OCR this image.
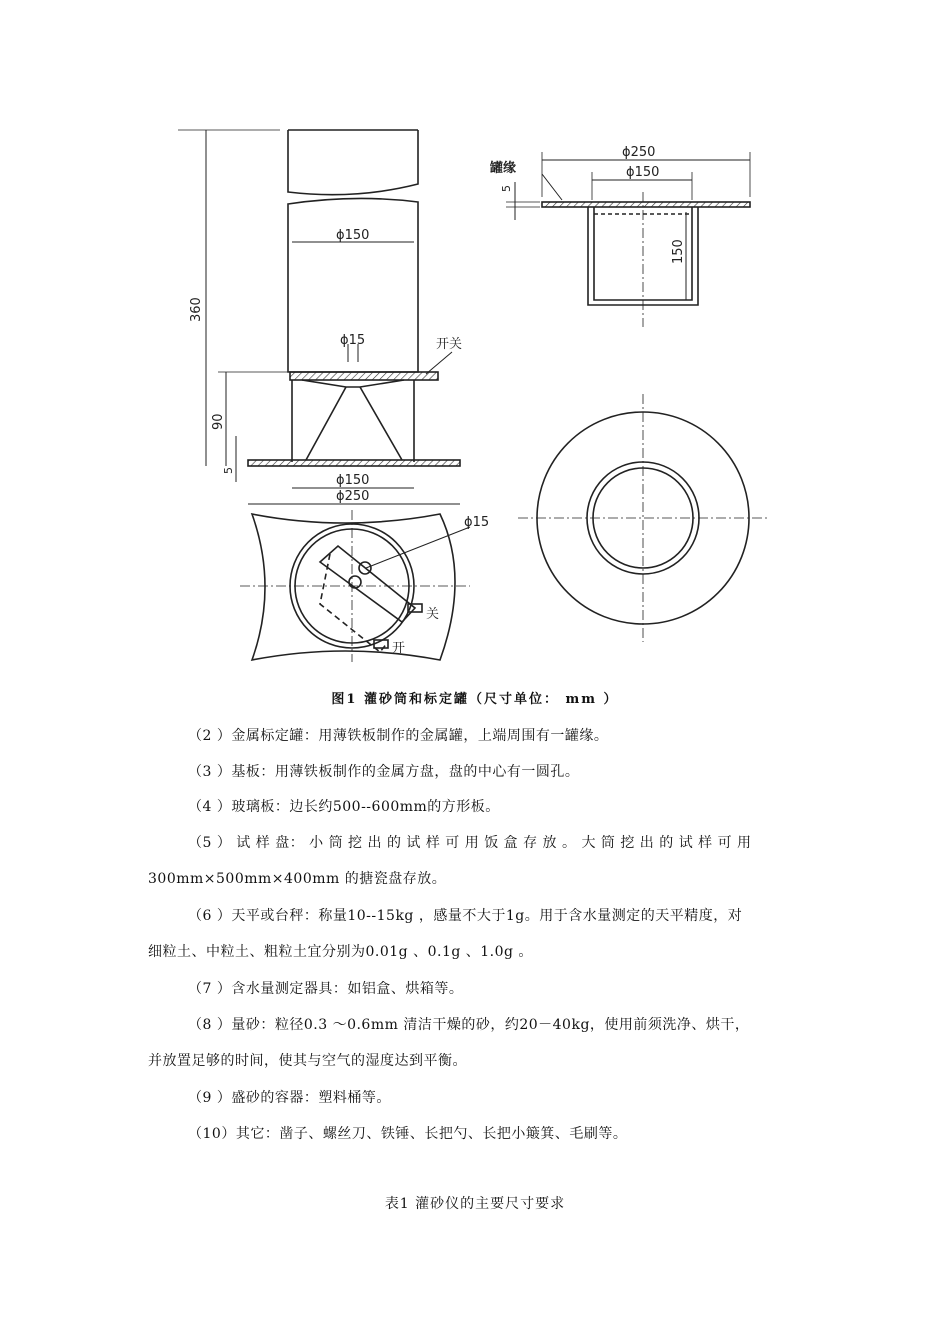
360
90
5
ϕ150
ϕ15	开关
ϕ150
ϕ250
ϕ15
关
开
罐缘
5
ϕ250
ϕ150
150
图1 灌砂筒和标定罐（尺寸单位： mm ）
（2 ）金属标定罐：用薄铁板制作的金属罐，上端周围有一罐缘。
（3 ）基板：用薄铁板制作的金属方盘，盘的中心有一圆孔。
（4 ）玻璃板：边长约500--600mm的方形板。
（5 ） 试 样 盘： 小 筒 挖 出 的 试 样 可 用 饭 盒 存 放 。 大 筒 挖 出 的 试 样 可 用
300mm×500mm×400mm 的搪瓷盘存放。
（6 ）天平或台秤：称量10--15kg ，感量不大于1g。用于含水量测定的天平精度，对
细粒土、中粒土、粗粒土宜分别为0.01g 、0.1g 、1.0g 。
（7 ）含水量测定器具：如铝盒、烘箱等。
（8 ）量砂：粒径0.3 ～0.6mm 清洁干燥的砂，约20－40kg，使用前须洗净、烘干，
并放置足够的时间，使其与空气的湿度达到平衡。
（9 ）盛砂的容器：塑料桶等。
（10）其它：凿子、螺丝刀、铁锤、长把勺、长把小簸箕、毛刷等。
表1 灌砂仪的主要尺寸要求
